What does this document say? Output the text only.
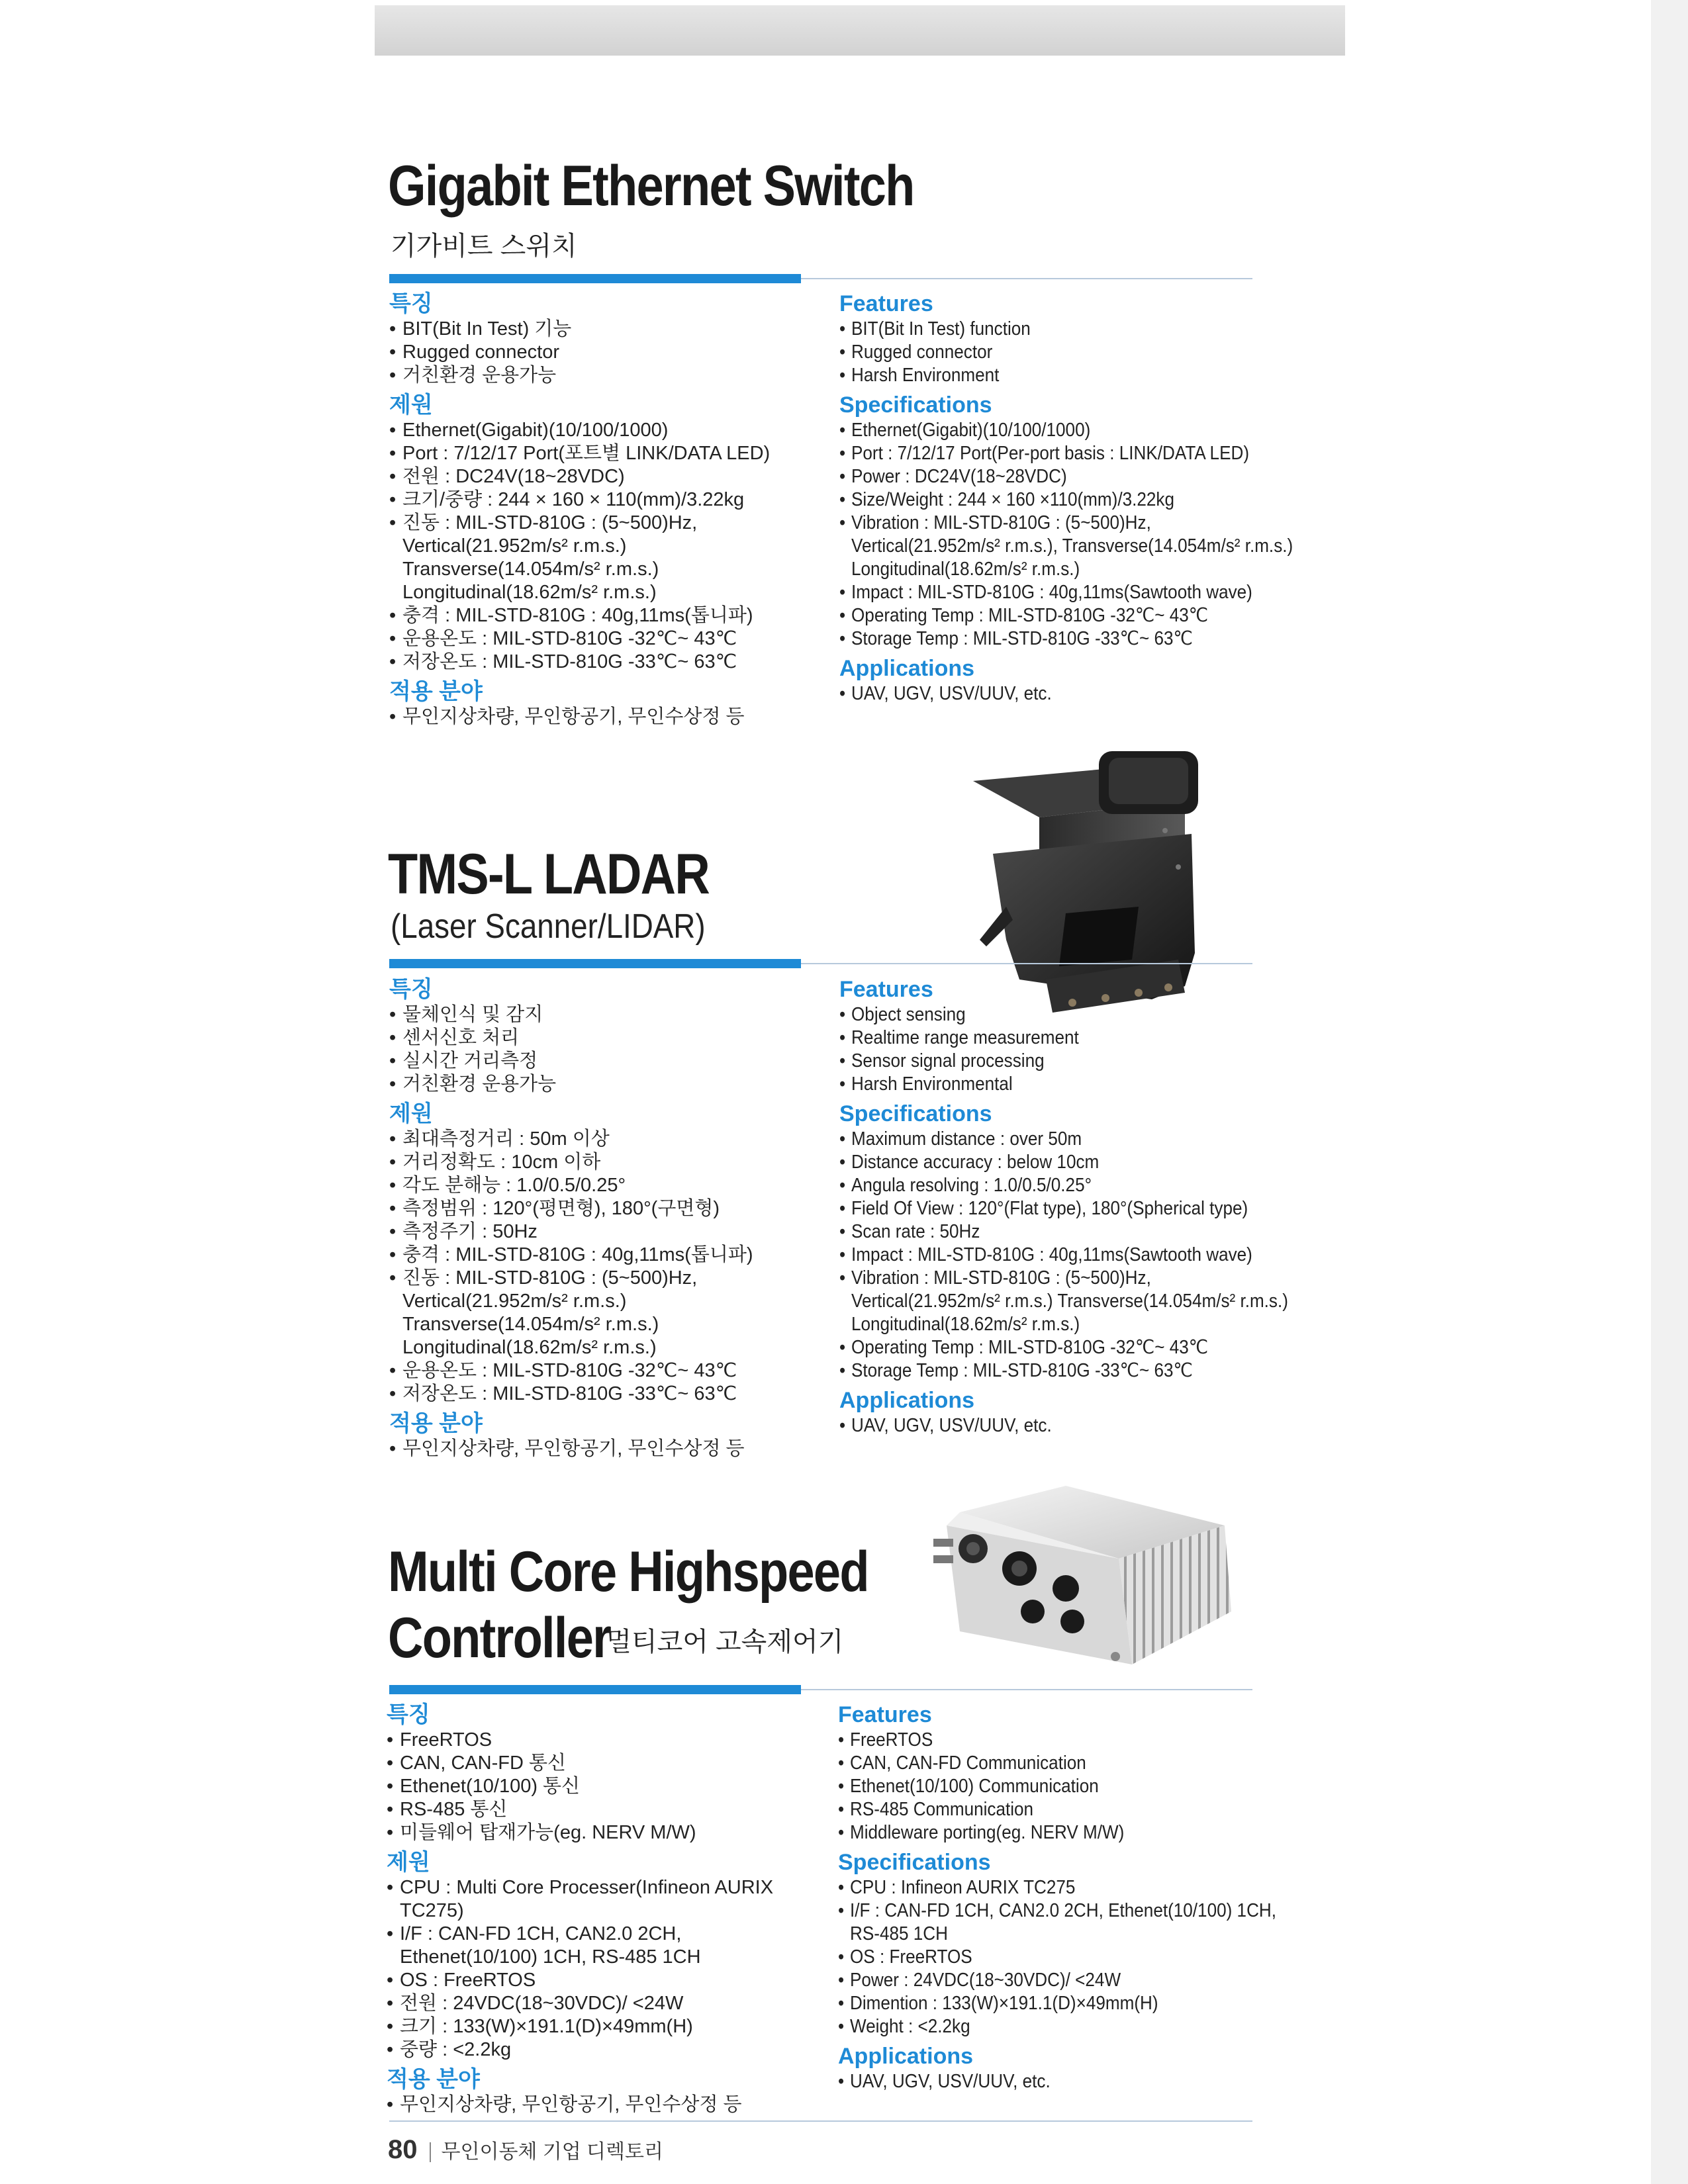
Gigabit Ethernet Switch

기가비트 스위치

특징
• BIT(Bit In Test) 기능
• Rugged connector
• 거친환경 운용가능
제원
• Ethernet(Gigabit)(10/100/1000)
• Port : 7/12/17 Port(포트별 LINK/DATA LED)
• 전원 : DC24V(18~28VDC)
• 크기/중량 : 244 × 160 × 110(mm)/3.22kg
• 진동 : MIL-STD-810G : (5~500)Hz,
Vertical(21.952m/s² r.m.s.)
Transverse(14.054m/s² r.m.s.)
Longitudinal(18.62m/s² r.m.s.)
• 충격 : MIL-STD-810G : 40g,11ms(톱니파)
• 운용온도 : MIL-STD-810G -32℃~ 43℃
• 저장온도 : MIL-STD-810G -33℃~ 63℃
적용 분야
• 무인지상차량, 무인항공기, 무인수상정 등
Features
• BIT(Bit In Test) function
• Rugged connector
• Harsh Environment
Specifications
• Ethernet(Gigabit)(10/100/1000)
• Port : 7/12/17 Port(Per-port basis : LINK/DATA LED)
• Power : DC24V(18~28VDC)
• Size/Weight : 244 × 160 ×110(mm)/3.22kg
• Vibration : MIL-STD-810G : (5~500)Hz,
Vertical(21.952m/s² r.m.s.), Transverse(14.054m/s² r.m.s.)
Longitudinal(18.62m/s² r.m.s.)
• Impact : MIL-STD-810G : 40g,11ms(Sawtooth wave)
• Operating Temp : MIL-STD-810G -32℃~ 43℃
• Storage Temp : MIL-STD-810G -33℃~ 63℃
Applications
• UAV, UGV, USV/UUV, etc.
TMS-L LADAR

(Laser Scanner/LIDAR)

특징
• 물체인식 및 감지
• 센서신호 처리
• 실시간 거리측정
• 거친환경 운용가능
제원
• 최대측정거리 : 50m 이상
• 거리정확도 : 10cm 이하
• 각도 분해능 : 1.0/0.5/0.25°
• 측정범위 : 120°(평면형), 180°(구면형)
• 측정주기 : 50Hz
• 충격 : MIL-STD-810G : 40g,11ms(톱니파)
• 진동 : MIL-STD-810G : (5~500)Hz,
Vertical(21.952m/s² r.m.s.)
Transverse(14.054m/s² r.m.s.)
Longitudinal(18.62m/s² r.m.s.)
• 운용온도 : MIL-STD-810G -32℃~ 43℃
• 저장온도 : MIL-STD-810G -33℃~ 63℃
적용 분야
• 무인지상차량, 무인항공기, 무인수상정 등
Features
• Object sensing
• Realtime range measurement
• Sensor signal processing
• Harsh Environmental
Specifications
• Maximum distance : over 50m
• Distance accuracy : below 10cm
• Angula resolving : 1.0/0.5/0.25°
• Field Of View : 120°(Flat type), 180°(Spherical type)
• Scan rate : 50Hz
• Impact : MIL-STD-810G : 40g,11ms(Sawtooth wave)
• Vibration : MIL-STD-810G : (5~500)Hz,
Vertical(21.952m/s² r.m.s.) Transverse(14.054m/s² r.m.s.)
Longitudinal(18.62m/s² r.m.s.)
• Operating Temp : MIL-STD-810G -32℃~ 43℃
• Storage Temp : MIL-STD-810G -33℃~ 63℃
Applications
• UAV, UGV, USV/UUV, etc.
Multi Core Highspeed
Controller 멀티코어 고속제어기
특징
• FreeRTOS
• CAN, CAN-FD 통신
• Ethenet(10/100) 통신
• RS-485 통신
• 미들웨어 탑재가능(eg. NERV M/W)
제원
• CPU : Multi Core Processer(Infineon AURIX
TC275)
• I/F : CAN-FD 1CH, CAN2.0 2CH,
Ethenet(10/100) 1CH, RS-485 1CH
• OS : FreeRTOS
• 전원 : 24VDC(18~30VDC)/ <24W
• 크기 : 133(W)×191.1(D)×49mm(H)
• 중량 : <2.2kg
적용 분야
• 무인지상차량, 무인항공기, 무인수상정 등
Features
• FreeRTOS
• CAN, CAN-FD Communication
• Ethenet(10/100) Communication
• RS-485 Communication
• Middleware porting(eg. NERV M/W)
Specifications
• CPU : Infineon AURIX TC275
• I/F : CAN-FD 1CH, CAN2.0 2CH, Ethenet(10/100) 1CH,
RS-485 1CH
• OS : FreeRTOS
• Power : 24VDC(18~30VDC)/ <24W
• Dimention : 133(W)×191.1(D)×49mm(H)
• Weight : <2.2kg
Applications
• UAV, UGV, USV/UUV, etc.
80 무인이동체 기업 디렉토리
